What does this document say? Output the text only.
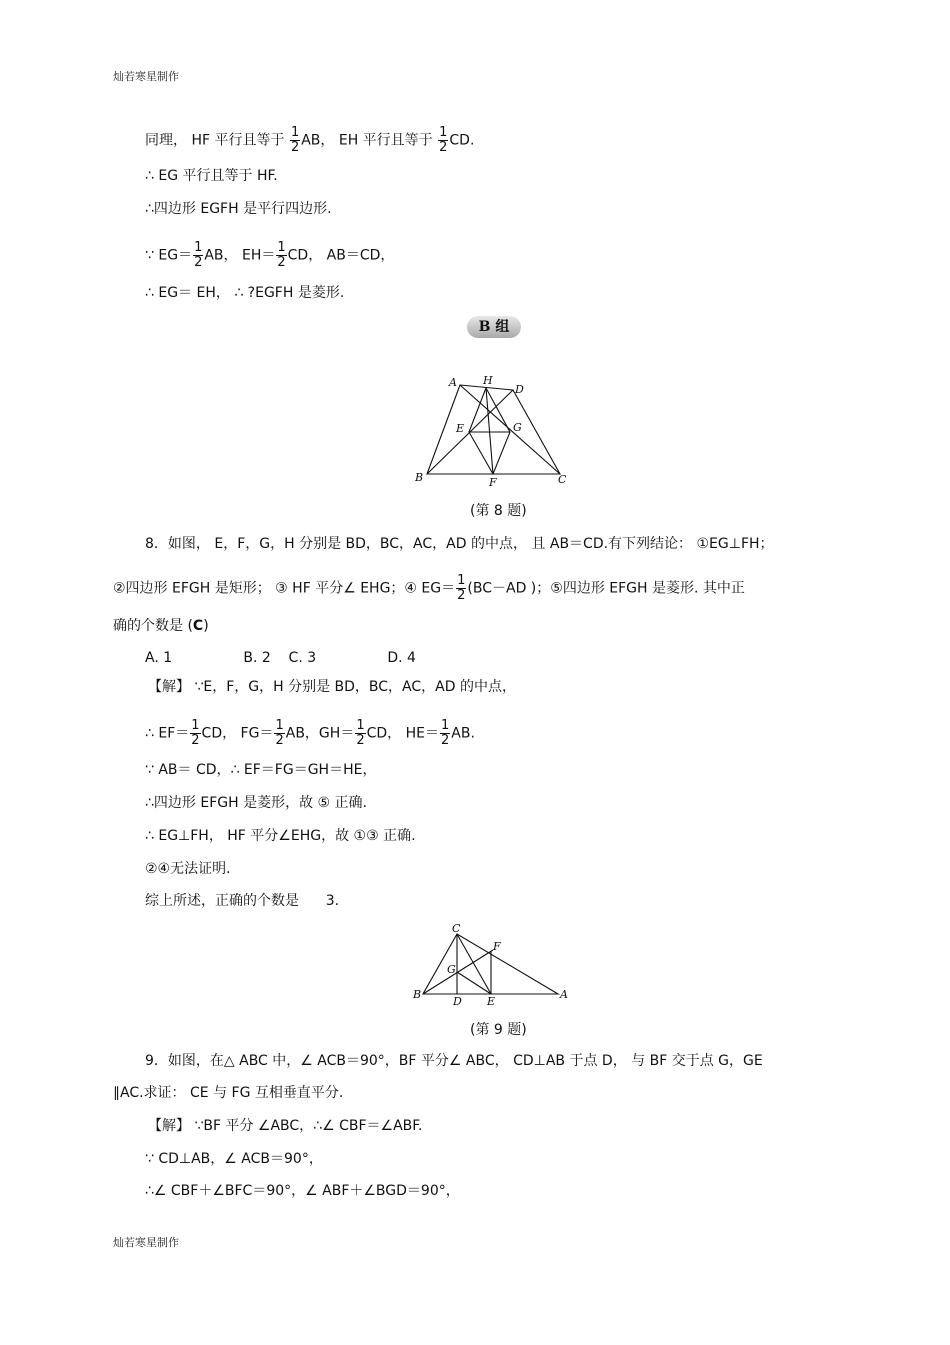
灿若寒星制作
同理， HF 平行且等于 $\frac{1}{2}$ AB， EH 平行且等于 $\frac{1}{2}$ CD.
∴ EG 平行且等于 HF.
∴四边形 EGFH 是平行四边形.
∵ $EG= \frac{1}{2}$ AB， $EH= \frac{1}{2}$ CD， AB＝CD，
∴ EG＝ EH， ∴ ?EGFH 是菱形.
B 组
A H
D
E	G
B	F	C
(第 8 题)
8．如图， E，F，G，H 分别是 BD，BC，AC，AD 的中点， 且 AB＝CD.有下列结论： ①EG⊥FH；
②四边形 EFGH 是矩形； ③ HF 平分∠ EHG；④ $EG= \frac{1}{2} (BC-AD$ )；⑤四边形 EFGH 是菱形. 其中正
确的个数是 (C)
A. 1                B. 2    C. 3                D. 4
【解】 ∵E，F，G，H 分别是 BD，BC，AC，AD 的中点，
∴ $EF= \frac{1}{2}$ CD， $FG= \frac{1}{2}$ AB，$GH= \frac{1}{2}$ CD， $HE= \frac{1}{2}$ AB.
∵ AB＝ CD，∴ EF＝FG＝GH＝HE，
∴四边形 EFGH 是菱形，故 ⑤ 正确.
∴ EG⊥FH， HF 平分∠EHG，故 ①③ 正确.
②④无法证明.
综上所述，正确的个数是      3.
C
F
G
B
D E
A
(第 9 题)
9．如图，在△ ABC 中，∠ ACB＝90°，BF 平分∠ ABC， CD⊥AB 于点 D， 与 BF 交于点 G，GE
∥AC.求证： CE 与 FG 互相垂直平分.
【解】 ∵BF 平分 ∠ABC，∴∠ CBF＝∠ABF.
∵ CD⊥AB，∠ ACB＝90°，
∴∠ CBF＋∠BFC＝90°，∠ ABF＋∠BGD＝90°，
灿若寒星制作
